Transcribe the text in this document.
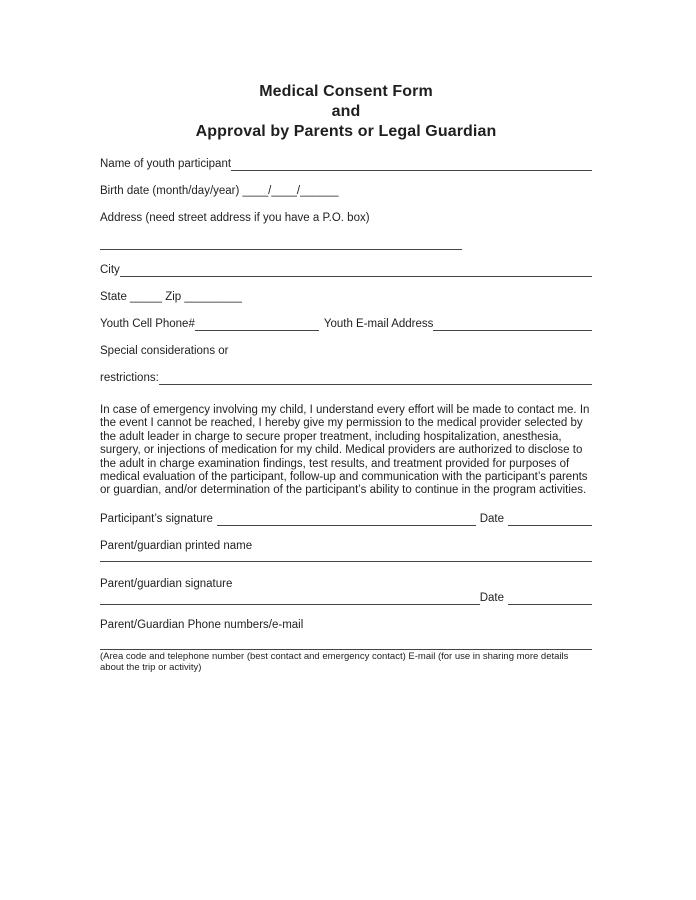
Medical Consent Form
and
Approval by Parents or Legal Guardian
Name of youth participant
Birth date (month/day/year) ____/____/______
Address (need street address if you have a P.O. box)
City
State _____ Zip _________
Youth Cell Phone#	Youth E-mail Address
Special considerations or
restrictions:

In case of emergency involving my child, I understand every effort will be made to contact me. In the event I cannot be reached, I hereby give my permission to the medical provider selected by the adult leader in charge to secure proper treatment, including hospitalization, anesthesia, surgery, or injections of medication for my child. Medical providers are authorized to disclose to the adult in charge examination findings, test results, and treatment provided for purposes of medical evaluation of the participant, follow-up and communication with the participant’s parents or guardian, and/or determination of the participant’s ability to continue in the program activities.

Participant’s signature	Date
Parent/guardian printed name
Parent/guardian signature
Date
Parent/Guardian Phone numbers/e-mail
(Area code and telephone number (best contact and emergency contact) E-mail (for use in sharing more details about the trip or activity)
